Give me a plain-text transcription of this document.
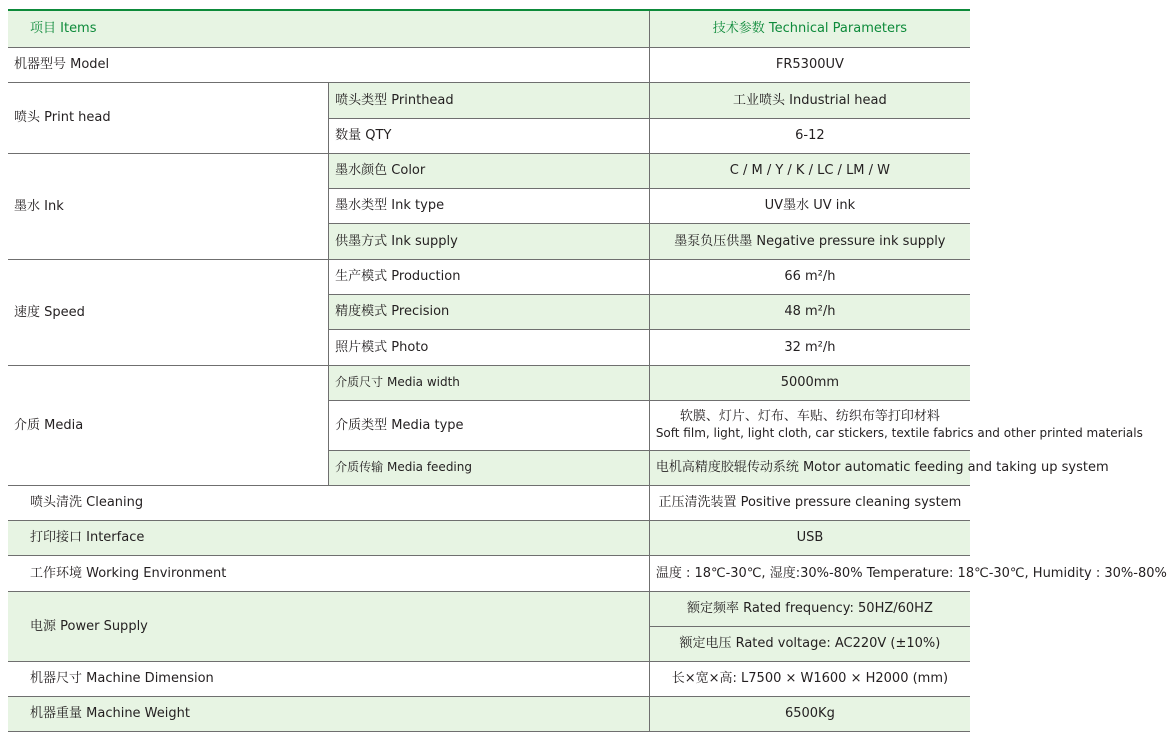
项目 Items		技术参数 Technical Parameters
机器型号 Model		FR5300UV
喷头 Print head	喷头类型 Printhead	工业喷头 Industrial head
	数量 QTY	6-12
墨水 Ink	墨水颜色 Color	C / M / Y / K / LC / LM / W
	墨水类型 Ink type	UV墨水 UV ink
	供墨方式 Ink supply	墨泵负压供墨 Negative pressure ink supply
速度 Speed	生产模式 Production	66 m²/h
	精度模式 Precision	48 m²/h
	照片模式 Photo	32 m²/h
介质 Media	介质尺寸 Media width	5000mm
	介质类型 Media type	软膜、灯片、灯布、车贴、纺织布等打印材料
Soft film, light, light cloth, car stickers, textile fabrics and other printed materials

	介质传输 Media feeding	电机高精度胶辊传动系统 Motor automatic feeding and taking up system
喷头清洗 Cleaning		正压清洗装置 Positive pressure cleaning system
打印接口 Interface		USB
工作环境 Working Environment		温度 : 18℃-30℃, 湿度:30%-80% Temperature: 18℃-30℃, Humidity : 30%-80%
电源 Power Supply		额定频率 Rated frequency: 50HZ/60HZ
		额定电压 Rated voltage: AC220V (±10%)
机器尺寸 Machine Dimension		长×宽×高: L7500 × W1600 × H2000 (mm)
机器重量 Machine Weight		6500Kg
